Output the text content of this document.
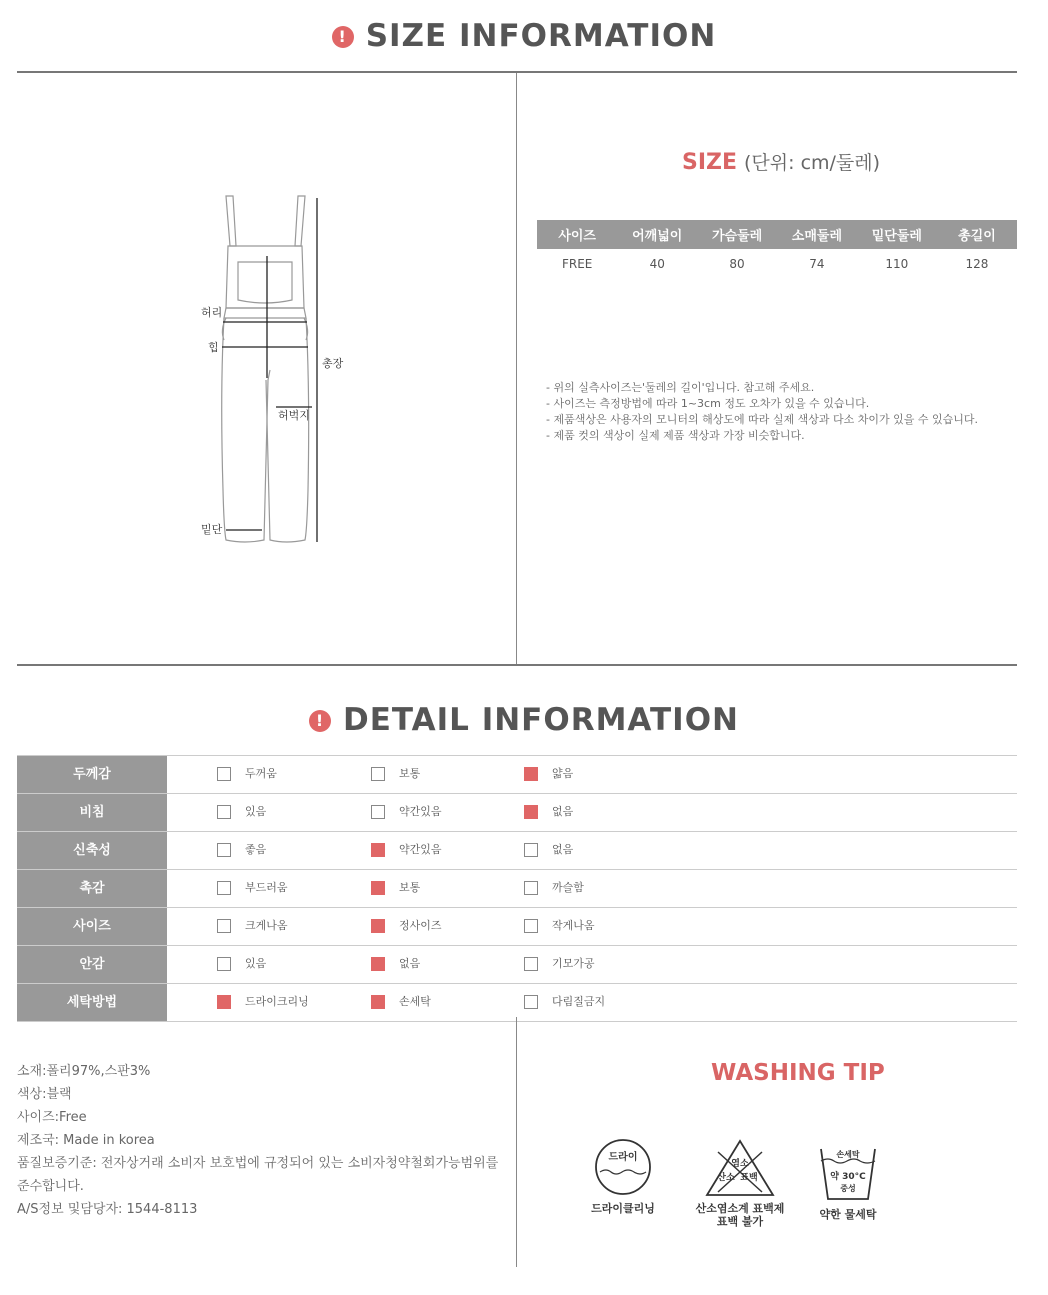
! SIZE INFORMATION
허리
힙
총장
허벅지
밑단
SIZE (단위: cm/둘레)
사이즈	어깨넓이	가슴둘레	소매둘레	밑단둘레	총길이
FREE	40	80	74	110	128
- 위의 실측사이즈는'둘레의 길이'입니다. 참고해 주세요.
- 사이즈는 측정방법에 따라 1~3cm 정도 오차가 있을 수 있습니다.
- 제품색상은 사용자의 모니터의 해상도에 따라 실제 색상과 다소 차이가 있을 수 있습니다.
- 제품 컷의 색상이 실제 제품 색상과 가장 비슷합니다.
! DETAIL INFORMATION
두께감	두꺼움	보통	얇음
비침	있음	약간있음	없음
신축성	좋음	약간있음	없음
촉감	부드러움	보통	까슬함
사이즈	크게나옴	정사이즈	작게나옴
안감	있음	없음	기모가공
세탁방법	드라이크리닝	손세탁	다림질금지
소재:폴리97%,스판3%
색상:블랙
사이즈:Free
제조국: Made in korea
품질보증기준: 전자상거래 소비자 보호법에 규정되어 있는 소비자청약철회가능범위를
준수합니다.
A/S정보 및담당자: 1544-8113
WASHING TIP
드라이
드라이클리닝
염소
산소 표백
산소염소계 표백제
표백 불가
손세탁
약 30°C
중성
약한 물세탁
